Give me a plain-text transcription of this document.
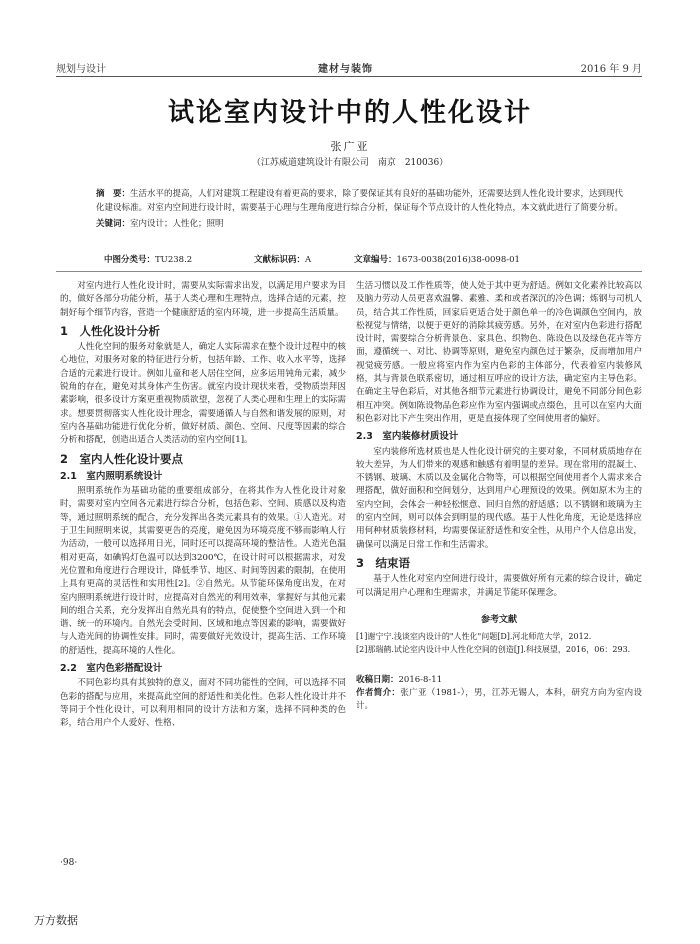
规划与设计	建材与装饰	2016 年 9 月
试论室内设计中的人性化设计
张广亚
（江苏威道建筑设计有限公司　南京　210036）
摘　要：生活水平的提高，人们对建筑工程建设有着更高的要求，除了要保证其有良好的基础功能外，还需要达到人性化设计要求，达到现代化建设标准。对室内空间进行设计时，需要基于心理与生理角度进行综合分析，保证每个节点设计的人性化特点，本文就此进行了简要分析。
关键词：室内设计；人性化；照明
中图分类号：TU238.2	文献标识码：A	文章编号：1673-0038(2016)38-0098-01

对室内进行人性化设计时，需要从实际需求出发，以满足用户要求为目的，做好各部分功能分析，基于人类心理和生理特点，选择合适的元素，控制好每个细节内容，营造一个健康舒适的室内环境，进一步提高生活质量。

1　人性化设计分析

人性化空间的服务对象就是人，确定人实际需求在整个设计过程中的核心地位，对服务对象的特征进行分析，包括年龄、工作、收入水平等，选择合适的元素进行设计。例如儿童和老人居住空间，应多运用钝角元素，减少锐角的存在，避免对其身体产生伤害。就室内设计现状来看，受物质崇拜因素影响，很多设计方案更重视物质欲望，忽视了人类心理和生理上的实际需求。想要贯彻落实人性化设计理念，需要通循人与自然和谐发展的原则，对室内各基础功能进行优化分析，做好材质、颜色、空间、尺度等因素的综合分析和搭配，创造出适合人类活动的室内空间[1]。

2　室内人性化设计要点
2.1　室内照明系统设计

照明系统作为基础功能的重要组成部分，在将其作为人性化设计对象时，需要对室内空间各元素进行综合分析，包括色彩、空间、质感以及构造等，通过照明系统的配合，充分发挥出各类元素具有的效果。①人造光。对于卫生间照明来说，其需要更告的亮度，避免因为环境亮度不够而影响人行为活动，一般可以选择用日光，同时还可以提高环境的整洁性。人造光色温相对更高，如碘钨灯色温可以达到3200℃，在设计时可以根据需求，对发光位置和角度进行合理设计，降低季节、地区、时间等因素的限制，在使用上具有更高的灵活性和实用性[2]。②自然光。从节能环保角度出发，在对室内照明系统进行设计时，应提高对自然光的利用效率，掌握好与其他元素间的组合关系，充分发挥出自然光具有的特点，促使整个空间进入到一个和谐、统一的环境内。自然光会受时间、区域和地点等因素的影响，需要做好与人造光间的协调性安排。同时，需要做好光效设计，提高生活、工作环境的舒适性，提高环境的人性化。

2.2　室内色彩搭配设计

不同色彩均具有其独特的意义，面对不同功能性的空间，可以选择不同色彩的搭配与应用，来提高此空间的舒适性和美化性。色彩人性化设计并不等同于个性化设计，可以利用相同的设计方法和方案，选择不同种类的色彩，结合用户个人爱好、性格、

生活习惯以及工作性质等，使人处于其中更为舒适。例如文化素养比较高以及脑力劳动人员更喜欢温馨、素雅、柔和或者深沉的冷色调；炼钢与司机人员，结合其工作性质，回家后更适合处于颜色单一的冷色调颜色空间内，放松视觉与情绪，以便于更好的消除其疲劳感。另外，在对室内色彩进行搭配设计时，需要综合分析背景色、家具色、织物色、陈设色以及绿色花卉等方面，遵循统一、对比、协调等原则，避免室内颜色过于繁杂，反而增加用户视觉疲劳感。一般应将室内作为室内色彩的主体部分，代表着室内装修风格，其与背景色联系密切，通过相互呼应的设计方法，确定室内主导色彩。在确定主导色彩后，对其他各细节元素进行协调设计，避免不同部分间色彩相互冲突。例如陈设物品色彩应作为室内强调或点缀色，且可以在室内大面积色彩对比下产生突出作用，更是直接体现了空间使用者的偏好。

2.3　室内装修材质设计

室内装修所选材质也是人性化设计研究的主要对象，不同材质质地存在较大差异，为人们带来的观感和触感有着明显的差异。现在常用的混凝土、不锈钢、玻璃、木质以及金属化合物等，可以根据空间使用者个人需求来合理搭配，做好面积和空间划分，达到用户心理预设的效果。例如原木为主的室内空间，会体会一种轻松惬意、回归自然的舒适感；以不锈钢和玻璃为主的室内空间，则可以体会到明显的现代感。基于人性化角度，无论是选择应用何种材质装修材料，均需要保证舒适性和安全性，从用户个人信息出发，确保可以满足日常工作和生活需求。

3　结束语

基于人性化对室内空间进行设计，需要做好所有元素的综合设计，确定可以满足用户心理和生理需求，并满足节能环保理念。

参考文献
[1]谢宁宁.浅谈室内设计的"人性化"问题[D].河北师范大学，2012.
[2]那瑞鹤.试论室内设计中人性化空间的创造[J].科技展望，2016，06：293.
收稿日期：2016-8-11
作者简介：张广亚（1981-），男，江苏无锡人，本科，研究方向为室内设计。
·98·
万方数据
